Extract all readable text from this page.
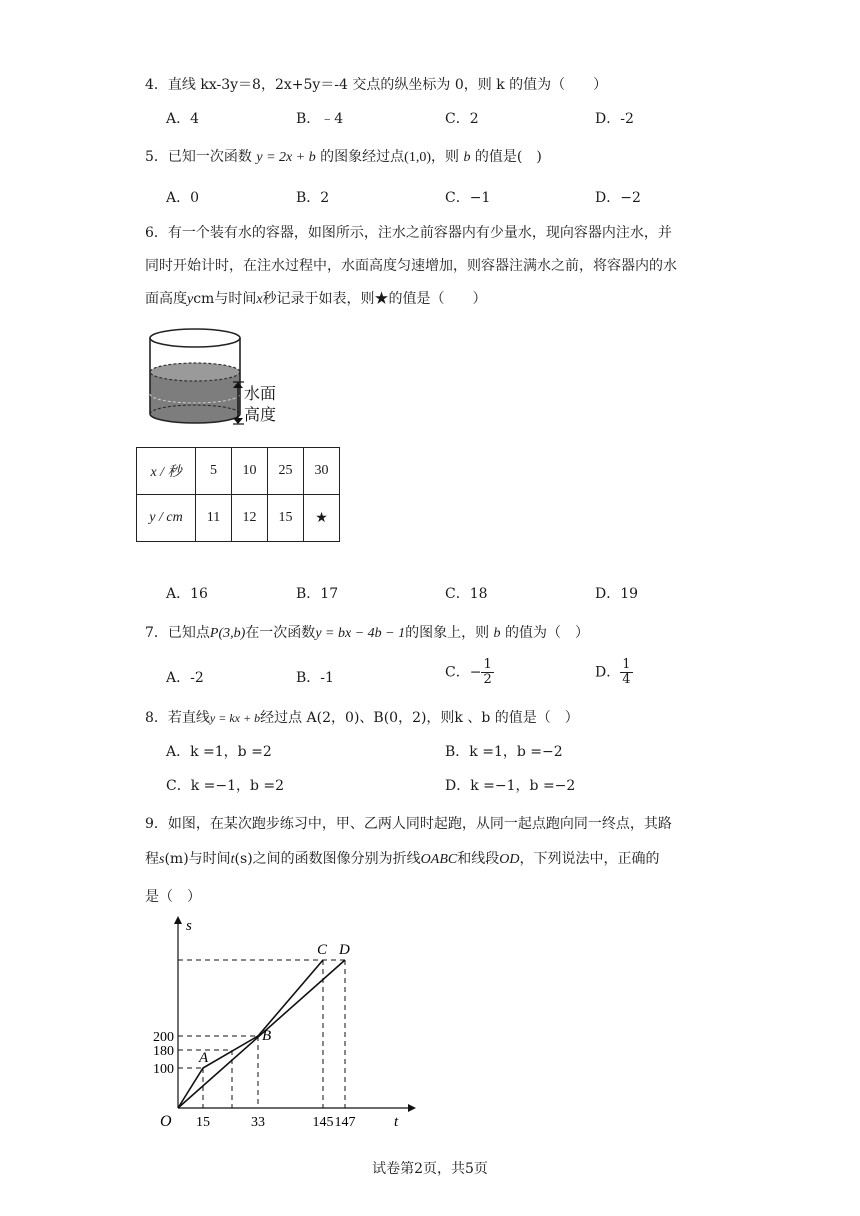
4．直线 kx-3y＝8，2x+5y＝-4 交点的纵坐标为 0，则 k 的值为（　　）
A．4	B．﹣4	C．2	D．-2
5．已知一次函数 y = 2x + b 的图象经过点(1,0)，则 b 的值是(　)
A．0	B．2	C．−1	D．−2
6．有一个装有水的容器，如图所示，注水之前容器内有少量水，现向容器内注水，并
同时开始计时，在注水过程中，水面高度匀速增加，则容器注满水之前，将容器内的水
面高度ycm与时间x秒记录于如表，则★的值是（　　）
水面
高度
x / 秒	5	10	25	30
y / cm	11	12	15	★
A．16	B．17	C．18	D．19
7．已知点P(3,b)在一次函数y = bx − 4b − 1的图象上，则 b 的值为（　）
A．-2	B．-1	C．− $\frac{1}{2}$	D． $\frac{1}{4}$
8．若直线y = kx + b经过点 A(2，0)、B(0，2)，则k 、b 的值是（　）
A．k =1，b =2	B．k =1，b =−2
C．k =−1，b =2	D．k =−1，b =−2
9．如图，在某次跑步练习中，甲、乙两人同时起跑，从同一起点跑向同一终点，其路
程s(m)与时间t(s)之间的函数图像分别为折线OABC和线段OD，下列说法中，正确的
是（　）
s
t
O
A
B
C D
200
180
100
15	33	145 147
试卷第2页，共5页
